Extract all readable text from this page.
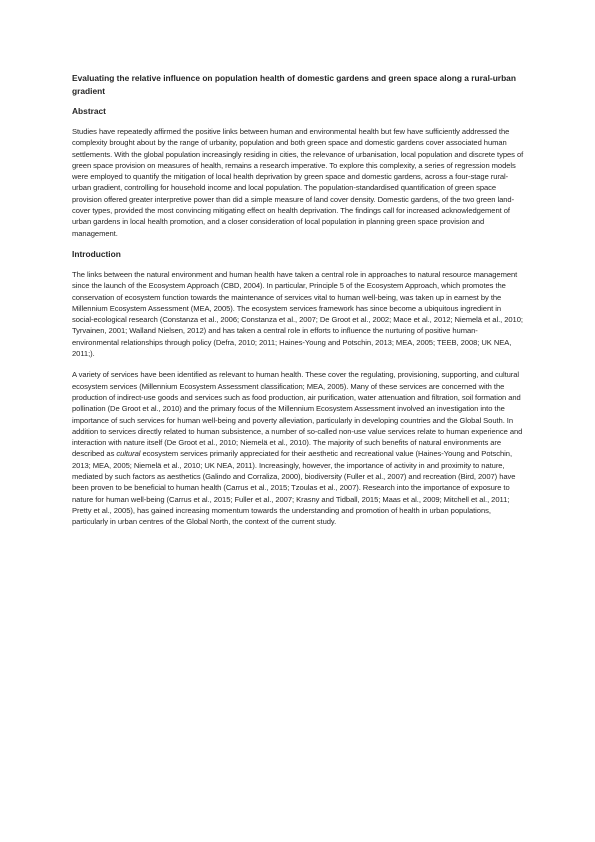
Evaluating the relative influence on population health of domestic gardens and green space along a rural-urban gradient

Abstract

Studies have repeatedly affirmed the positive links between human and environmental health but few have sufficiently addressed the complexity brought about by the range of urbanity, population and both green space and domestic gardens cover associated human settlements. With the global population increasingly residing in cities, the relevance of urbanisation, local population and discrete types of green space provision on measures of health, remains a research imperative. To explore this complexity, a series of regression models were employed to quantify the mitigation of local health deprivation by green space and domestic gardens, across a four-stage rural-urban gradient, controlling for household income and local population. The population-standardised quantification of green space provision offered greater interpretive power than did a simple measure of land cover density. Domestic gardens, of the two green land-cover types, provided the most convincing mitigating effect on health deprivation. The findings call for increased acknowledgement of urban gardens in local health promotion, and a closer consideration of local population in planning green space provision and management.

Introduction

The links between the natural environment and human health have taken a central role in approaches to natural resource management since the launch of the Ecosystem Approach (CBD, 2004). In particular, Principle 5 of the Ecosystem Approach, which promotes the conservation of ecosystem function towards the maintenance of services vital to human well-being, was taken up in earnest by the Millennium Ecosystem Assessment (MEA, 2005). The ecosystem services framework has since become a ubiquitous ingredient in social-ecological research (Constanza et al., 2006; Constanza et al., 2007; De Groot et al., 2002; Mace et al., 2012; Niemelä et al., 2010; Tyrvainen, 2001; Walland Nielsen, 2012) and has taken a central role in efforts to influence the nurturing of positive human-environmental relationships through policy (Defra, 2010; 2011; Haines-Young and Potschin, 2013; MEA, 2005; TEEB, 2008; UK NEA, 2011;).

A variety of services have been identified as relevant to human health. These cover the regulating, provisioning, supporting, and cultural ecosystem services (Millennium Ecosystem Assessment classification; MEA, 2005). Many of these services are concerned with the production of indirect-use goods and services such as food production, air purification, water attenuation and filtration, soil formation and pollination (De Groot et al., 2010) and the primary focus of the Millennium Ecosystem Assessment involved an investigation into the importance of such services for human well-being and poverty alleviation, particularly in developing countries and the Global South. In addition to services directly related to human subsistence, a number of so-called non-use value services relate to human experience and interaction with nature itself (De Groot et al., 2010; Niemelä et al., 2010). The majority of such benefits of natural environments are described as cultural ecosystem services primarily appreciated for their aesthetic and recreational value (Haines-Young and Potschin, 2013; MEA, 2005; Niemelä et al., 2010; UK NEA, 2011). Increasingly, however, the importance of activity in and proximity to nature, mediated by such factors as aesthetics (Galindo and Corraliza, 2000), biodiversity (Fuller et al., 2007) and recreation (Bird, 2007) have been proven to be beneficial to human health (Carrus et al., 2015; Tzoulas et al., 2007). Research into the importance of exposure to nature for human well-being (Carrus et al., 2015; Fuller et al., 2007; Krasny and Tidball, 2015; Maas et al., 2009; Mitchell et al., 2011; Pretty et al., 2005), has gained increasing momentum towards the understanding and promotion of health in urban populations, particularly in urban centres of the Global North, the context of the current study.
